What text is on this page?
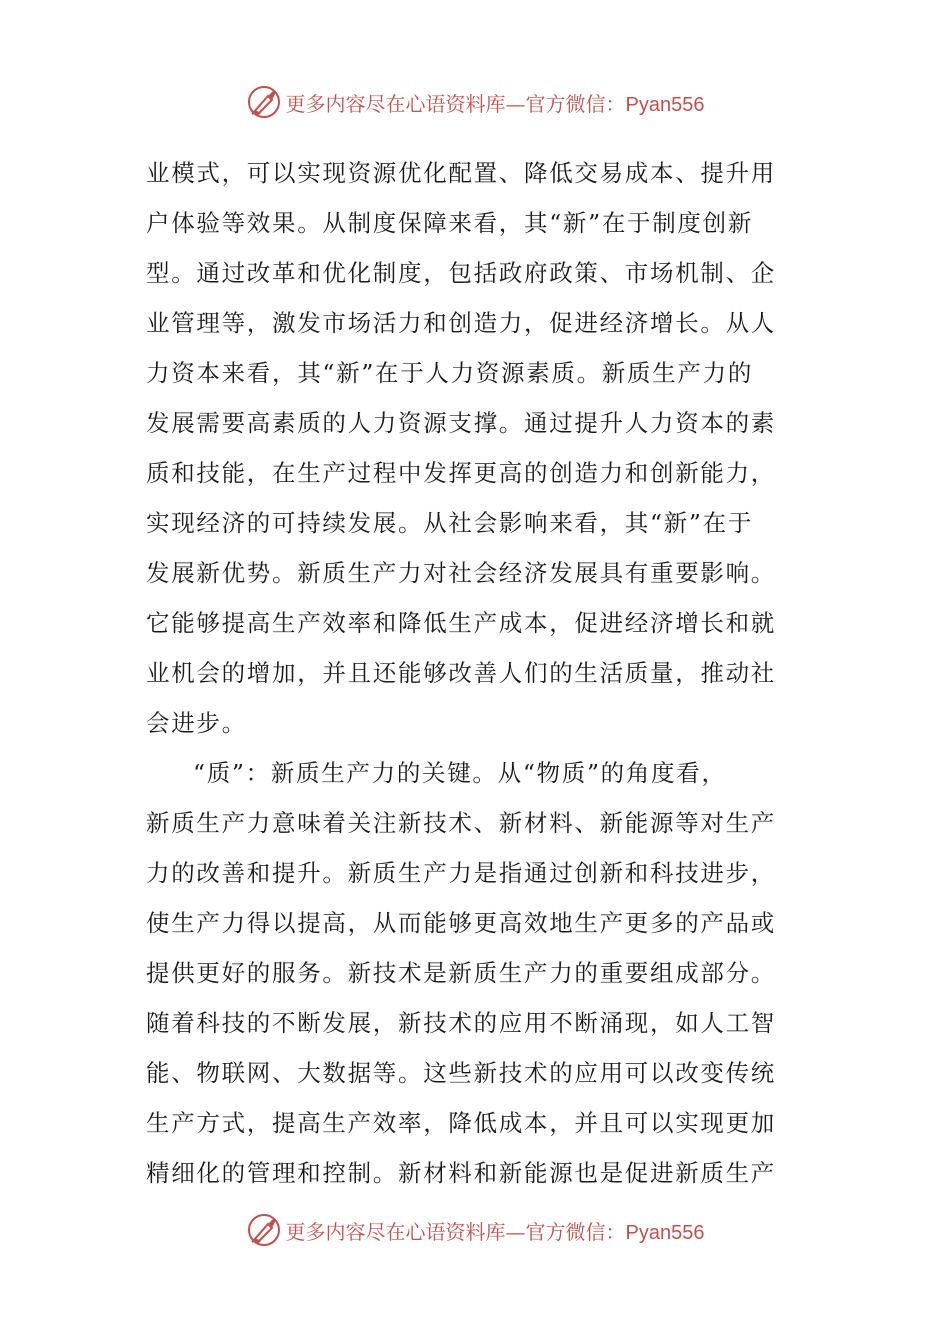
更多内容尽在心语资料库—官方微信：Pyan556
业模式，可以实现资源优化配置、降低交易成本、提升用
户体验等效果。从制度保障来看，其“新”在于制度创新
型。通过改革和优化制度，包括政府政策、市场机制、企
业管理等，激发市场活力和创造力，促进经济增长。从人
力资本来看，其“新”在于人力资源素质。新质生产力的
发展需要高素质的人力资源支撑。通过提升人力资本的素
质和技能，在生产过程中发挥更高的创造力和创新能力，
实现经济的可持续发展。从社会影响来看，其“新”在于
发展新优势。新质生产力对社会经济发展具有重要影响。
它能够提高生产效率和降低生产成本，促进经济增长和就
业机会的增加，并且还能够改善人们的生活质量，推动社
会进步。
“质”：新质生产力的关键。从“物质”的角度看，
新质生产力意味着关注新技术、新材料、新能源等对生产
力的改善和提升。新质生产力是指通过创新和科技进步，
使生产力得以提高，从而能够更高效地生产更多的产品或
提供更好的服务。新技术是新质生产力的重要组成部分。
随着科技的不断发展，新技术的应用不断涌现，如人工智
能、物联网、大数据等。这些新技术的应用可以改变传统
生产方式，提高生产效率，降低成本，并且可以实现更加
精细化的管理和控制。新材料和新能源也是促进新质生产
更多内容尽在心语资料库—官方微信：Pyan556
